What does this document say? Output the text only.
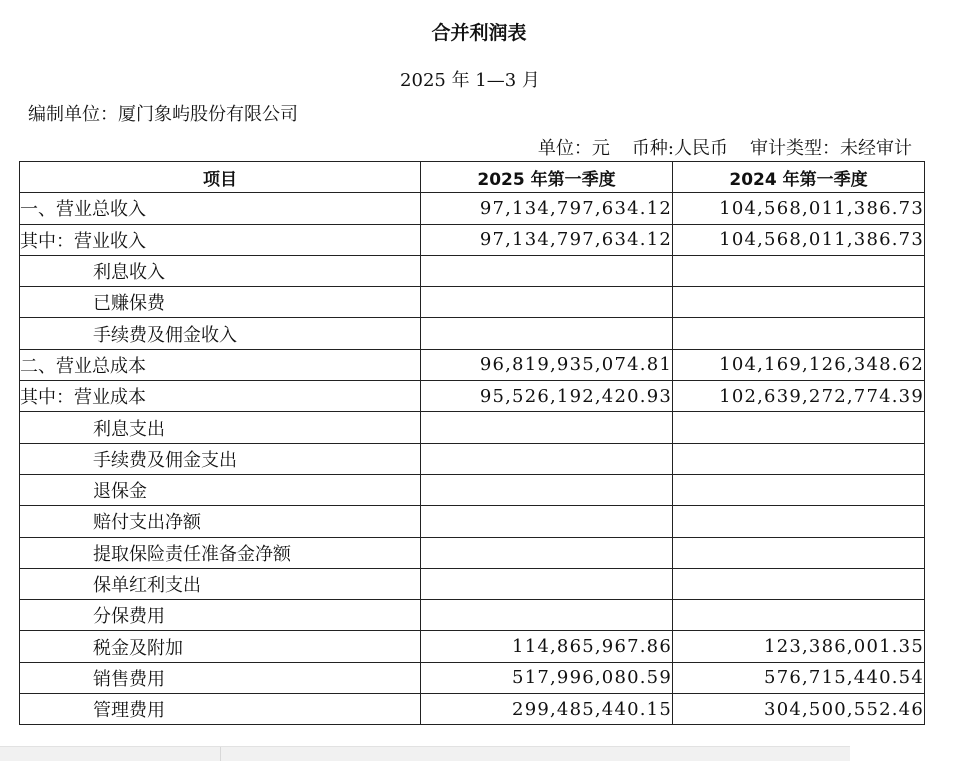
合并利润表
2025 年 1—3 月
编制单位：厦门象屿股份有限公司
单位：元 币种:人民币 审计类型：未经审计
项目	2025 年第一季度	2024 年第一季度
一、营业总收入	97,134,797,634.12	104,568,011,386.73
其中：营业收入	97,134,797,634.12	104,568,011,386.73
利息收入		
已赚保费		
手续费及佣金收入		
二、营业总成本	96,819,935,074.81	104,169,126,348.62
其中：营业成本	95,526,192,420.93	102,639,272,774.39
利息支出		
手续费及佣金支出		
退保金		
赔付支出净额		
提取保险责任准备金净额		
保单红利支出		
分保费用		
税金及附加	114,865,967.86	123,386,001.35
销售费用	517,996,080.59	576,715,440.54
管理费用	299,485,440.15	304,500,552.46
